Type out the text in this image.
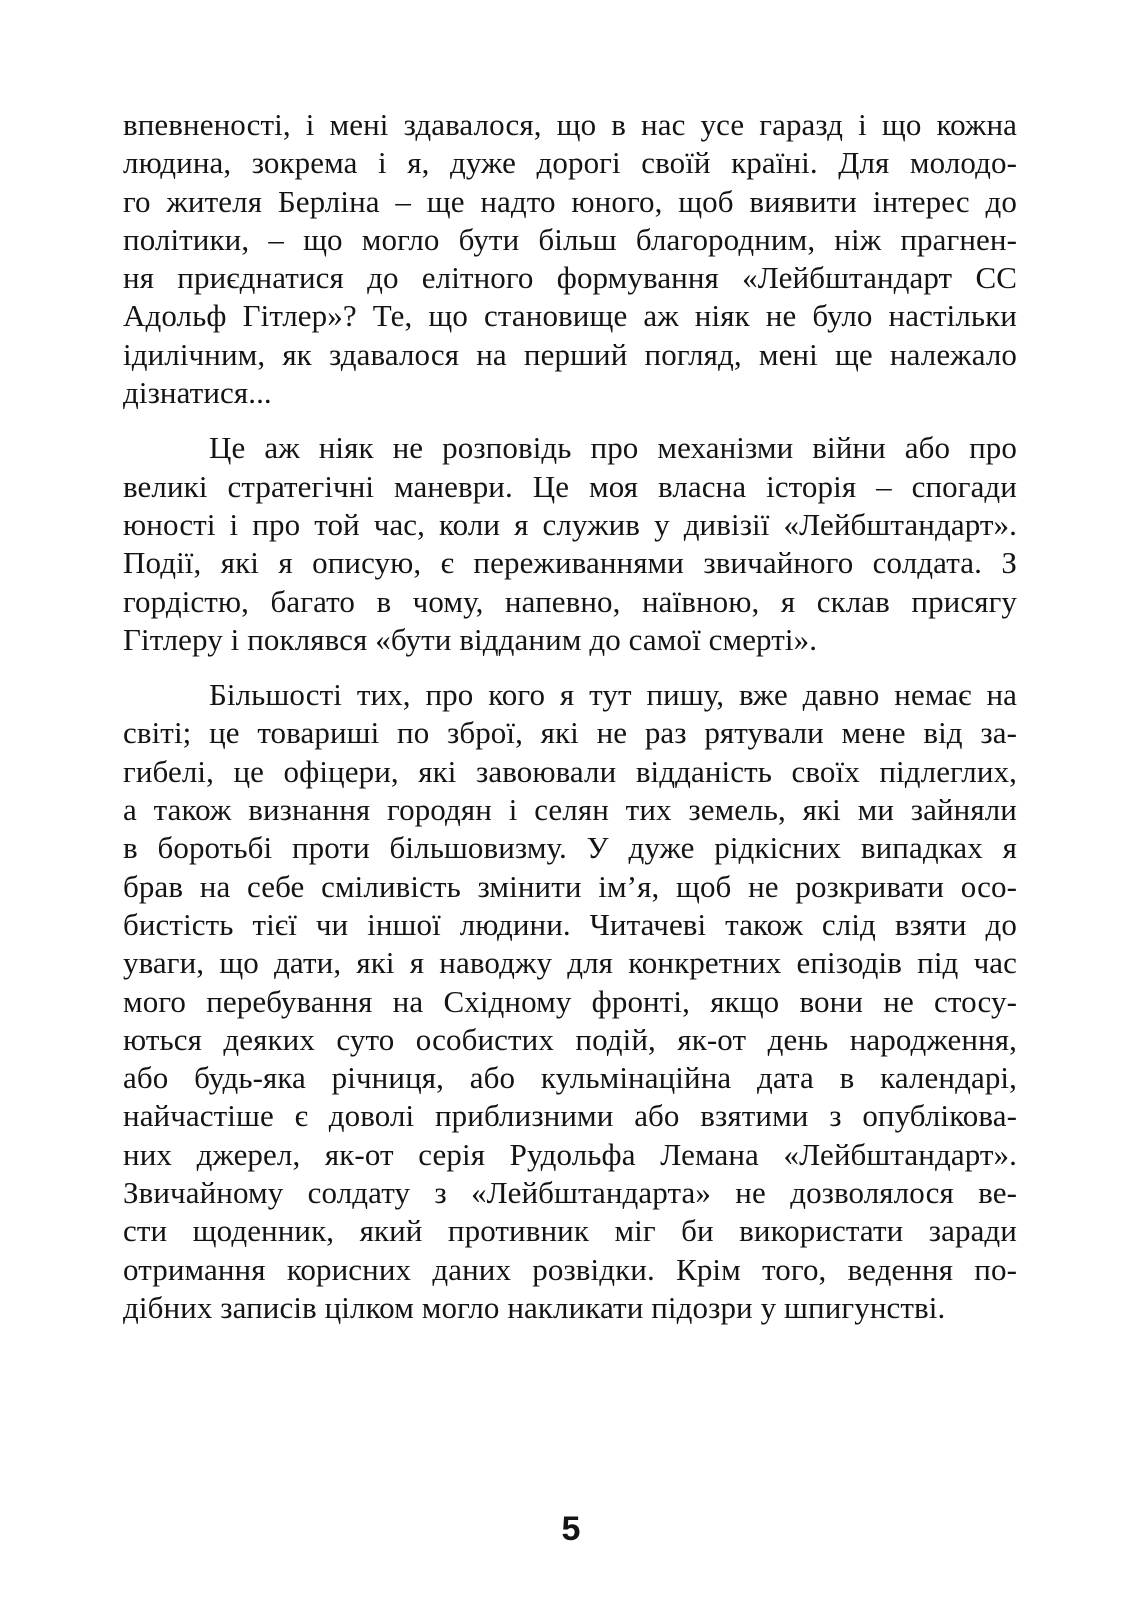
впевненості, і мені здавалося, що в нас усе гаразд і що кожна
людина, зокрема і я, дуже дорогі своїй країні. Для молодо-
го жителя Берліна – ще надто юного, щоб виявити інтерес до
політики, – що могло бути більш благородним, ніж прагнен-
ня приєднатися до елітного формування «Лейбштандарт СС
Адольф Гітлер»? Те, що становище аж ніяк не було настільки
ідилічним, як здавалося на перший погляд, мені ще належало
дізнатися...

Це аж ніяк не розповідь про механізми війни або про
великі стратегічні маневри. Це моя власна історія – спогади
юності і про той час, коли я служив у дивізії «Лейбштандарт».
Події, які я описую, є переживаннями звичайного солдата. З
гордістю, багато в чому, напевно, наївною, я склав присягу
Гітлеру і поклявся «бути відданим до самої смерті».

Більшості тих, про кого я тут пишу, вже давно немає на
світі; це товариші по зброї, які не раз рятували мене від за-
гибелі, це офіцери, які завоювали відданість своїх підлеглих,
а також визнання городян і селян тих земель, які ми зайняли
в боротьбі проти більшовизму. У дуже рідкісних випадках я
брав на себе сміливість змінити ім’я, щоб не розкривати осо-
бистість тієї чи іншої людини. Читачеві також слід взяти до
уваги, що дати, які я наводжу для конкретних епізодів під час
мого перебування на Східному фронті, якщо вони не стосу-
ються деяких суто особистих подій, як-от день народження,
або будь-яка річниця, або кульмінаційна дата в календарі,
найчастіше є доволі приблизними або взятими з опублікова-
них джерел, як-от серія Рудольфа Лемана «Лейбштандарт».
Звичайному солдату з «Лейбштандарта» не дозволялося ве-
сти щоденник, який противник міг би використати заради
отримання корисних даних розвідки. Крім того, ведення по-
дібних записів цілком могло накликати підозри у шпигунстві.

5
